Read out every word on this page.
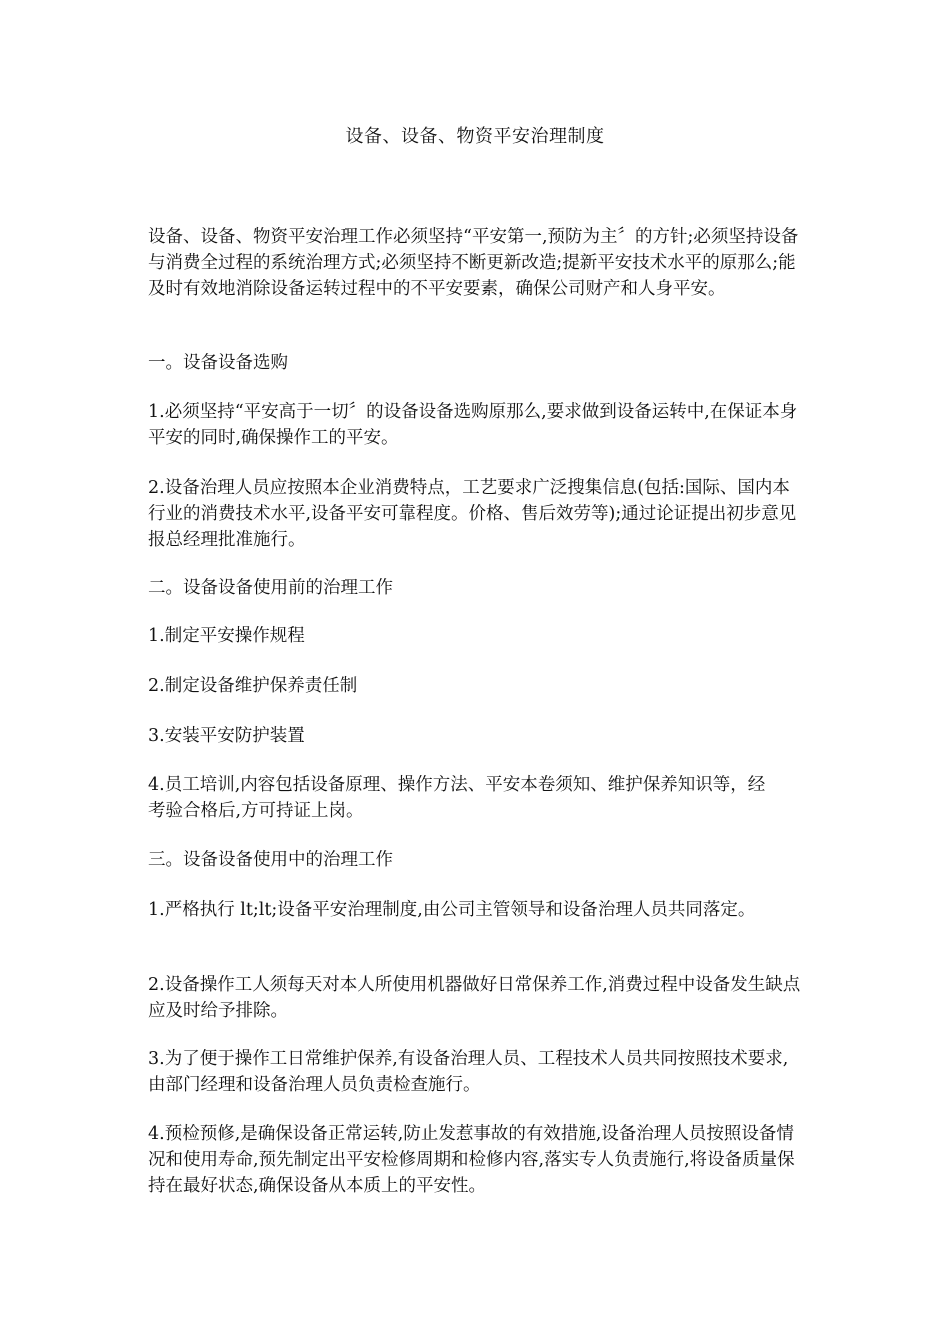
设备、设备、物资平安治理制度

设备、设备、物资平安治理工作必须坚持“平安第一,预防为主〞的方针;必须坚持设备与消费全过程的系统治理方式;必须坚持不断更新改造;提新平安技术水平的原那么;能及时有效地消除设备运转过程中的不平安要素，确保公司财产和人身平安。

一。设备设备选购

1.必须坚持“平安高于一切〞的设备设备选购原那么,要求做到设备运转中,在保证本身平安的同时,确保操作工的平安。

2.设备治理人员应按照本企业消费特点，工艺要求广泛搜集信息(包括:国际、国内本行业的消费技术水平,设备平安可靠程度。价格、售后效劳等);通过论证提出初步意见报总经理批准施行。

二。设备设备使用前的治理工作

1.制定平安操作规程

2.制定设备维护保养责任制

3.安装平安防护装置

4.员工培训,内容包括设备原理、操作方法、平安本卷须知、维护保养知识等，经考验合格后,方可持证上岗。

三。设备设备使用中的治理工作

1.严格执行 lt;lt;设备平安治理制度,由公司主管领导和设备治理人员共同落定。

2.设备操作工人须每天对本人所使用机器做好日常保养工作,消费过程中设备发生缺点应及时给予排除。

3.为了便于操作工日常维护保养,有设备治理人员、工程技术人员共同按照技术要求,由部门经理和设备治理人员负责检查施行。

4.预检预修,是确保设备正常运转,防止发惹事故的有效措施,设备治理人员按照设备情况和使用寿命,预先制定出平安检修周期和检修内容,落实专人负责施行,将设备质量保持在最好状态,确保设备从本质上的平安性。
